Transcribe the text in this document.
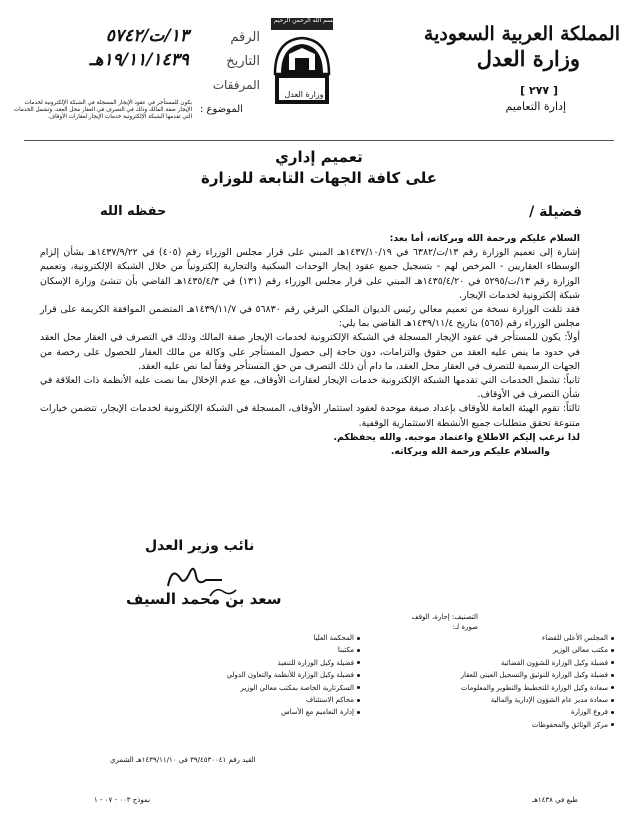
المملكة العربية السعودية
وزارة العدل
[ ٢٧٧ ]
إدارة التعاميم
بسم الله الرحمن الرحيم
وزارة العدل
الرقم ١٣/ت/٥٧٤٢
التاريخ ١٩/١١/١٤٣٩هـ
المرفقات
الموضوع :
بكون للمستأجر في عقود الإيجار المسجلة في الشبكة الإلكترونية لخدمات الإيجار صفة المالك وذلك في التصرف في العقار محل العقد، وتشمل الخدمات التي تقدمها الشبكة الإلكترونية خدمات الإيجار لعقارات الأوقاف.
تعميم إداري
على كافة الجهات التابعة للوزارة
فضيلة /
حفظه الله

السلام عليكم ورحمة الله وبركاته، أما بعد:

إشارة إلى تعميم الوزارة رقم ١٣/ت/٦٣٨٢ في ١٤٣٧/١٠/١٩هـ المبني على قرار مجلس الوزراء رقم (٤٠٥) في ١٤٣٧/٩/٢٢هـ بشأن إلزام الوسطاء العقاريين - المرخص لهم - بتسجيل جميع عقود إيجار الوحدات السكنية والتجارية إلكترونياً من خلال الشبكة الإلكترونية، وتعميم الوزارة رقم ١٣/ت/٥٢٩٥ في ١٤٣٥/٤/٢٠هـ المبني على قرار مجلس الوزراء رقم (١٣١) في ١٤٣٥/٤/٣هـ القاضي بأن تنشئ وزارة الإسكان شبكة إلكترونية لخدمات الإيجار.

فقد تلقت الوزارة نسخة من تعميم معالي رئيس الديوان الملكي البرقي رقم ٥٦٨٣٠ في ١٤٣٩/١١/٧هـ المتضمن الموافقة الكريمة على قرار مجلس الوزراء رقم (٥٦٥) بتاريخ ١٤٣٩/١١/٤هـ القاضي بما يلي:

أولاً: يكون للمستأجر في عقود الإيجار المسجلة في الشبكة الإلكترونية لخدمات الإيجار صفة المالك وذلك في التصرف في العقار محل العقد في حدود ما ينص عليه العقد من حقوق والتزامات، دون حاجة إلى حصول المستأجر على وكالة من مالك العقار للحصول على رخصة من الجهات الرسمية للتصرف في العقار محل العقد، ما دام أن ذلك التصرف من حق المستأجر وفقاً لما نص عليه العقد.

ثانياً: تشمل الخدمات التي تقدمها الشبكة الإلكترونية خدمات الإيجار لعقارات الأوقاف، مع عدم الإخلال بما نصت عليه الأنظمة ذات العلاقة في شأن التصرف في الأوقاف.

ثالثاً: تقوم الهيئة العامة للأوقاف بإعداد صيغة موحدة لعقود استثمار الأوقاف، المسجلة في الشبكة الإلكترونية لخدمات الإيجار، تتضمن خيارات متنوعة تحقق متطلبات جميع الأنشطة الاستثمارية الوقفية.

لذا نرغب إليكم الاطلاع واعتماد موجبه. والله يحفظكم.

والسلام عليكم ورحمة الله وبركاته.

نائب وزير العدل
سعد بن محمد السيف
التصنيف: إجارة، الوقف
صورة لـ:
المجلس الأعلى للقضاء
مكتب معالي الوزير
فضيلة وكيل الوزارة للشؤون القضائية
فضيلة وكيل الوزارة للتوثيق والتسجيل العيني للعقار
سعادة وكيل الوزارة للتخطيط والتطوير والمعلومات
سعادة مدير عام الشؤون الإدارية والمالية
فروع الوزارة
مركز الوثائق والمحفوظات
المحكمة العليا
مكتبنا
فضيلة وكيل الوزارة للتنفيذ
فضيلة وكيل الوزارة للأنظمة والتعاون الدولي
السكرتارية الخاصة بمكتب معالي الوزير
محاكم الاستئناف
إدارة التعاميم مع الأساس
القيد رقم ٣٩/٤٥٣٠٠٤١ في ١٤٣٩/١١/١٠هـ الشمري
نموذج ٠٠٣ - ٠٧ - ١	طبع في ١٤٣٨هـ
